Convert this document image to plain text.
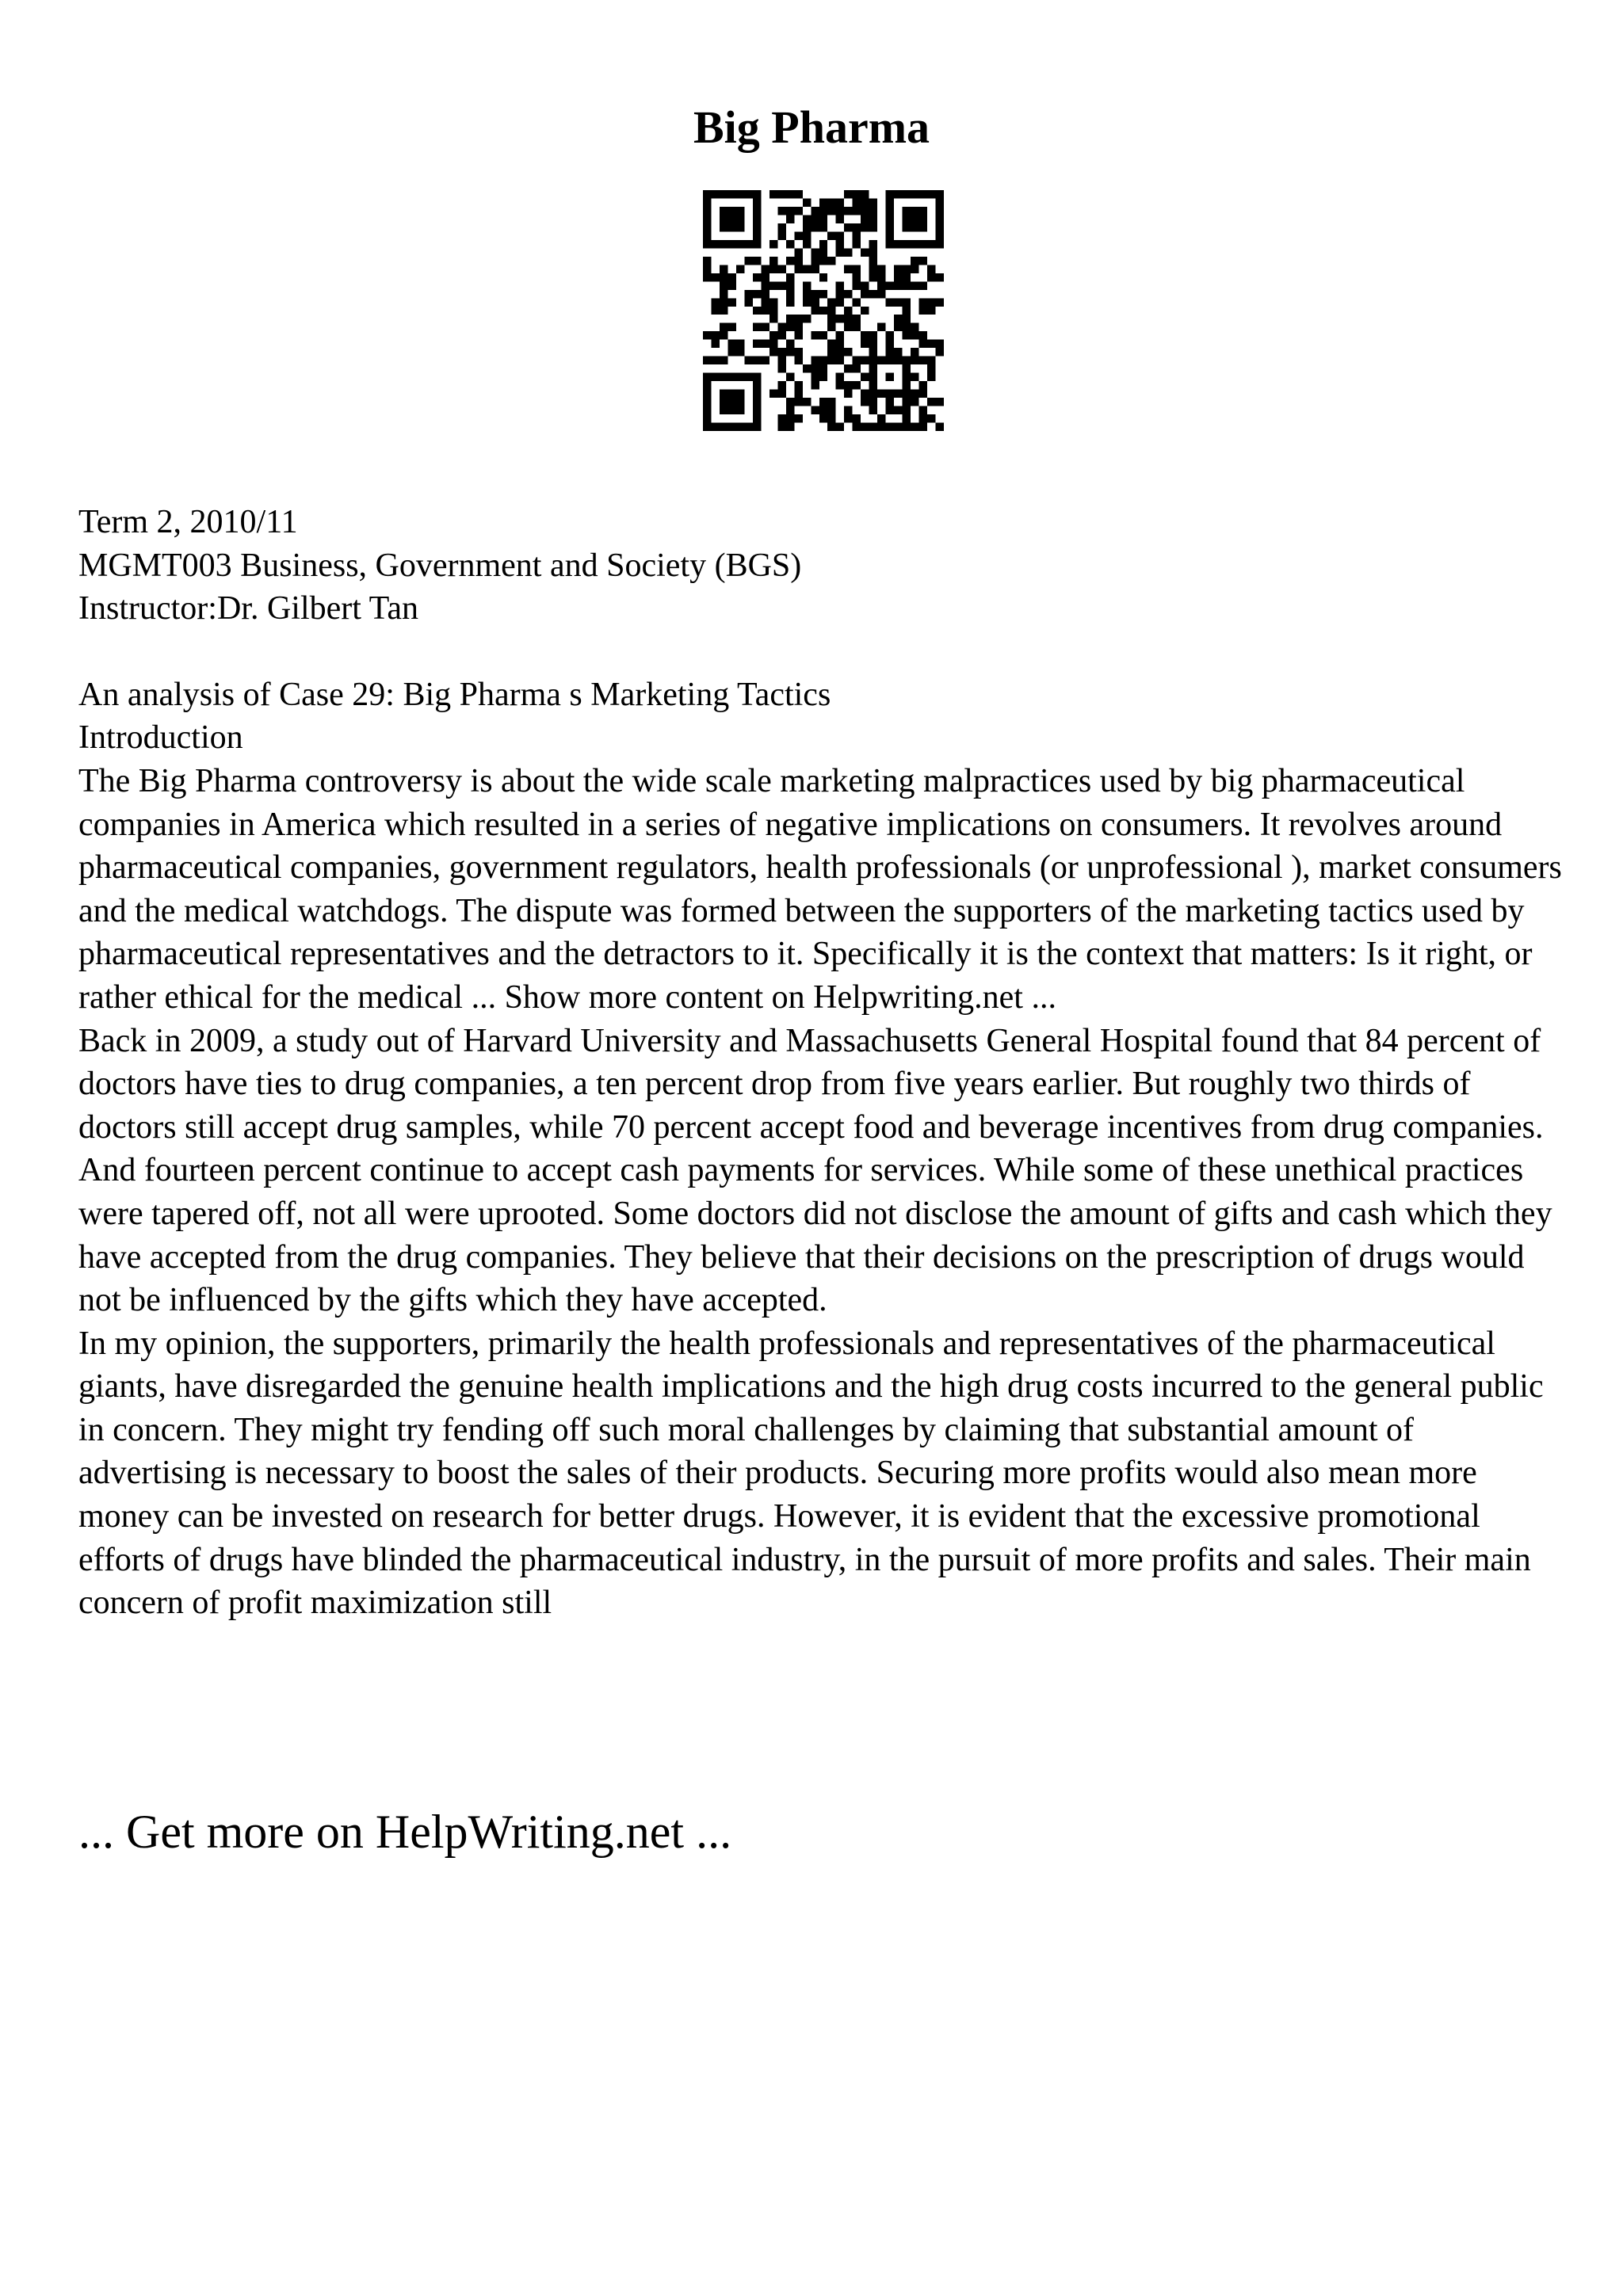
Big Pharma

Term 2, 2010/11

MGMT003 Business, Government and Society (BGS)

Instructor:Dr. Gilbert Tan

An analysis of Case 29: Big Pharma s Marketing Tactics

Introduction

The Big Pharma controversy is about the wide scale marketing malpractices used by big pharmaceutical companies in America which resulted in a series of negative implications on consumers. It revolves around pharmaceutical companies, government regulators, health professionals (or unprofessional ), market consumers and the medical watchdogs. The dispute was formed between the supporters of the marketing tactics used by pharmaceutical representatives and the detractors to it. Specifically it is the context that matters: Is it right, or rather ethical for the medical ... Show more content on Helpwriting.net ...

Back in 2009, a study out of Harvard University and Massachusetts General Hospital found that 84 percent of doctors have ties to drug companies, a ten percent drop from five years earlier. But roughly two thirds of doctors still accept drug samples, while 70 percent accept food and beverage incentives from drug companies. And fourteen percent continue to accept cash payments for services. While some of these unethical practices were tapered off, not all were uprooted. Some doctors did not disclose the amount of gifts and cash which they have accepted from the drug companies. They believe that their decisions on the prescription of drugs would not be influenced by the gifts which they have accepted.

In my opinion, the supporters, primarily the health professionals and representatives of the pharmaceutical giants, have disregarded the genuine health implications and the high drug costs incurred to the general public in concern. They might try fending off such moral challenges by claiming that substantial amount of advertising is necessary to boost the sales of their products. Securing more profits would also mean more money can be invested on research for better drugs. However, it is evident that the excessive promotional efforts of drugs have blinded the pharmaceutical industry, in the pursuit of more profits and sales. Their main concern of profit maximization still

... Get more on HelpWriting.net ...
